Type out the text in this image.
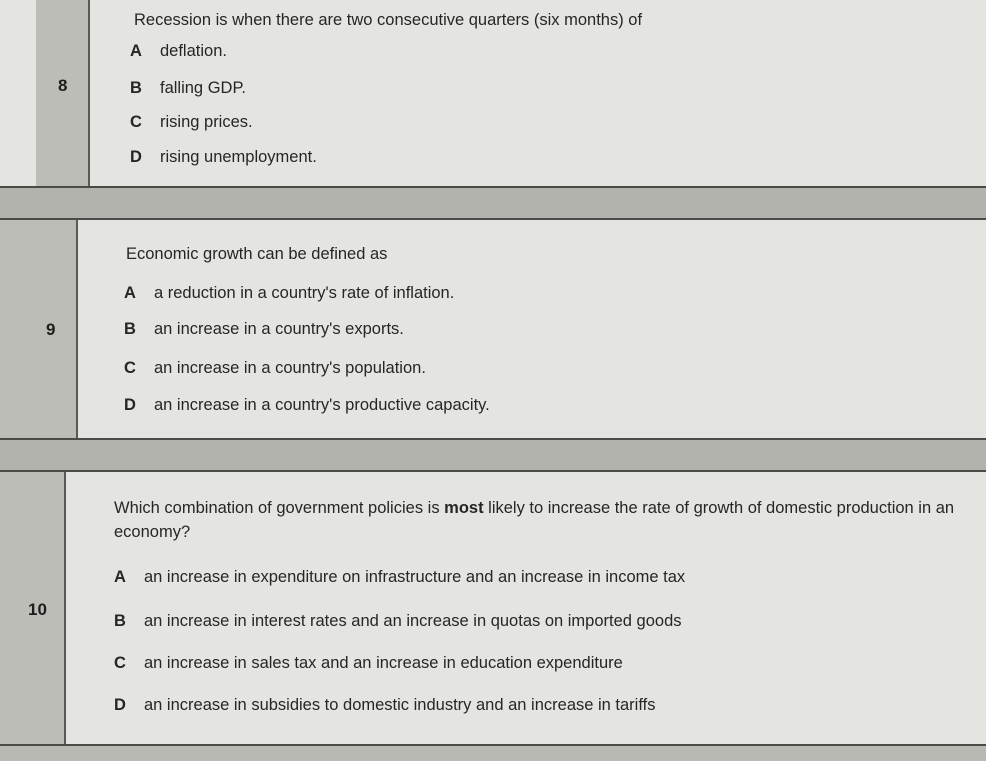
8
Recession is when there are two consecutive quarters (six months) of
A deflation.
B falling GDP.
C rising prices.
D rising unemployment.
9
Economic growth can be defined as
A a reduction in a country's rate of inflation.
B an increase in a country's exports.
C an increase in a country's population.
D an increase in a country's productive capacity.
10
Which combination of government policies is most likely to increase the rate of growth of domestic production in an economy?
A an increase in expenditure on infrastructure and an increase in income tax
B an increase in interest rates and an increase in quotas on imported goods
C an increase in sales tax and an increase in education expenditure
D an increase in subsidies to domestic industry and an increase in tariffs
